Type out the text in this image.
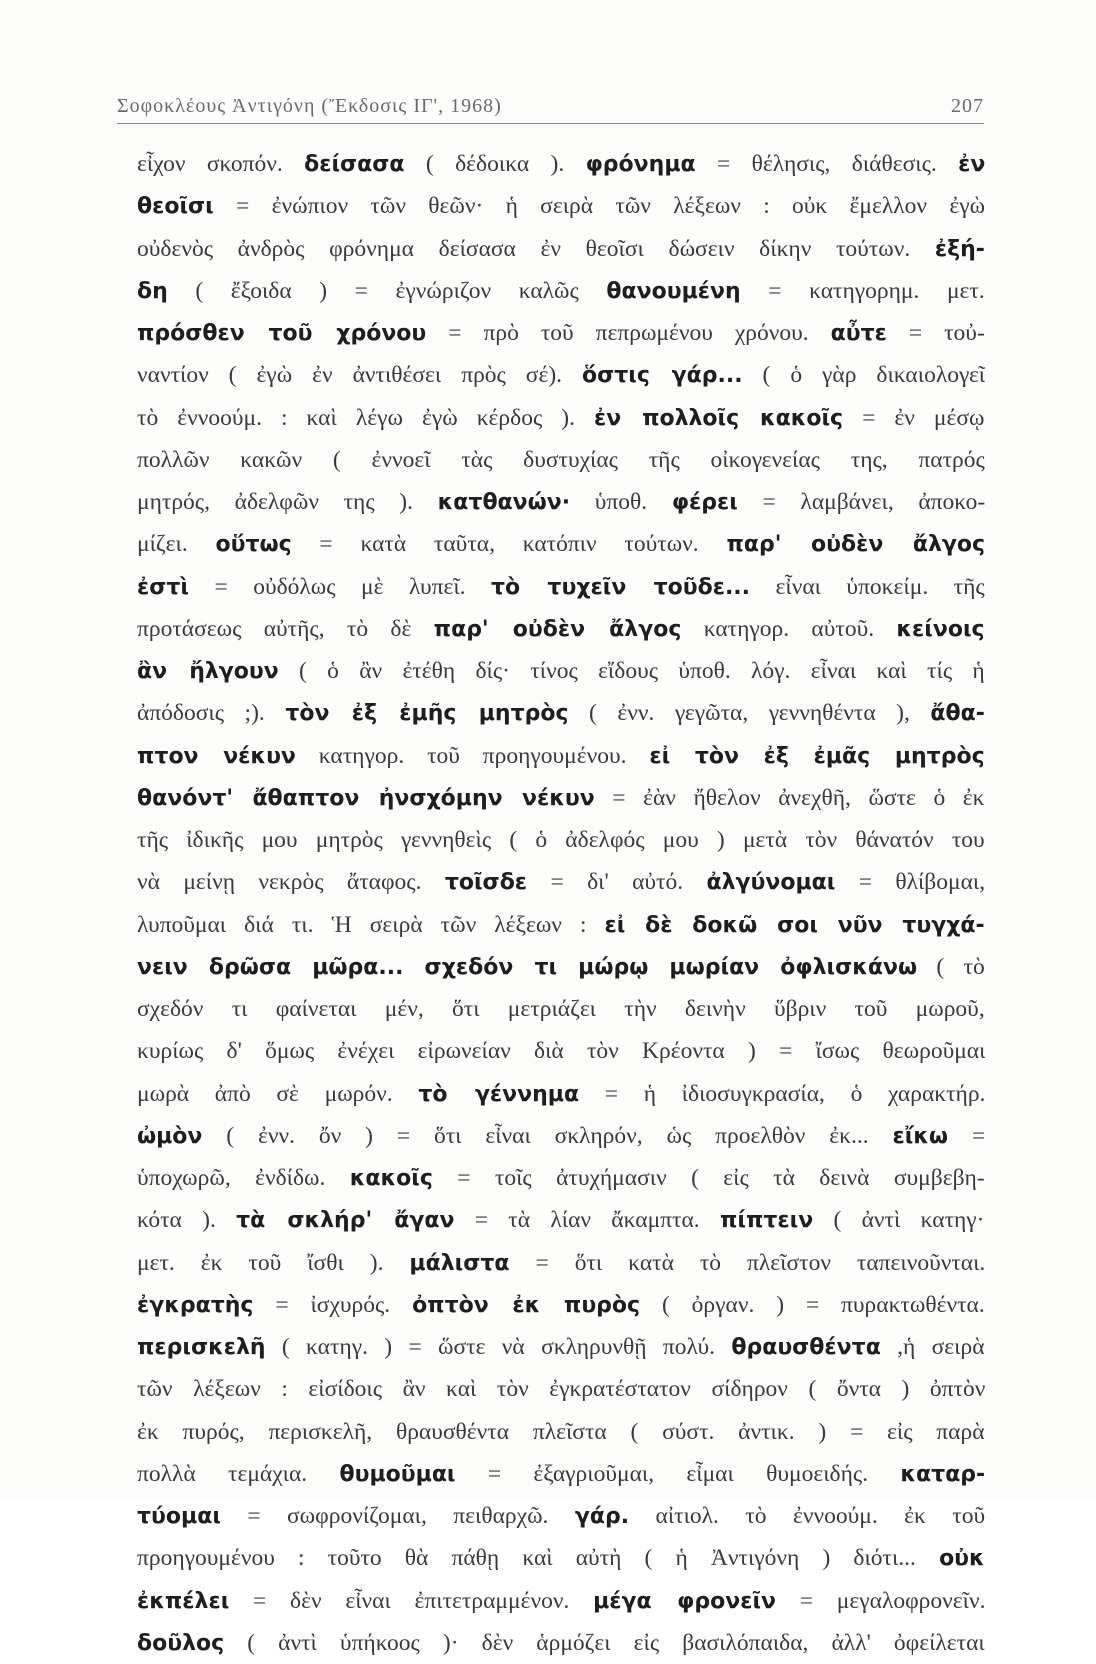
Σοφοκλέους Ἀντιγόνη (Ἔκδοσις ΙΓ', 1968)	207
εἶχον σκοπόν. δείσασα ( δέδοικα ). φρόνημα = θέλησις, διάθεσις. ἐν
θεοῖσι = ἐνώπιον τῶν θεῶν· ἡ σειρὰ τῶν λέξεων : οὐκ ἔμελλον ἐγὼ
οὐδενὸς ἀνδρὸς φρόνημα δείσασα ἐν θεοῖσι δώσειν δίκην τούτων. ἐξή-
δη ( ἔξοιδα ) = ἐγνώριζον καλῶς θανουμένη = κατηγορημ. μετ.
πρόσθεν τοῦ χρόνου = πρὸ τοῦ πεπρωμένου χρόνου. αὖτε = τοὐ-
ναντίον ( ἐγὼ ἐν ἀντιθέσει πρὸς σέ). ὅστις γάρ... ( ὁ γὰρ δικαιολογεῖ
τὸ ἐννοούμ. : καὶ λέγω ἐγὼ κέρδος ). ἐν πολλοῖς κακοῖς = ἐν μέσῳ
πολλῶν κακῶν ( ἐννοεῖ τὰς δυστυχίας τῆς οἰκογενείας της, πατρός
μητρός, ἀδελφῶν της ). κατθανών· ὑποθ. φέρει = λαμβάνει, ἀποκο-
μίζει. οὕτως = κατὰ ταῦτα, κατόπιν τούτων. παρ' οὐδὲν ἄλγος
ἐστὶ = οὐδόλως μὲ λυπεῖ. τὸ τυχεῖν τοῦδε... εἶναι ὑποκείμ. τῆς
προτάσεως αὐτῆς, τὸ δὲ παρ' οὐδὲν ἄλγος κατηγορ. αὐτοῦ. κείνοις
ἂν ἤλγουν ( ὁ ἂν ἐτέθη δίς· τίνος εἴδους ὑποθ. λόγ. εἶναι καὶ τίς ἡ
ἀπόδοσις ;). τὸν ἐξ ἐμῆς μητρὸς ( ἐνν. γεγῶτα, γεννηθέντα ), ἄθα-
πτον νέκυν κατηγορ. τοῦ προηγουμένου. εἰ τὸν ἐξ ἐμᾶς μητρὸς
θανόντ' ἄθαπτον ἠνσχόμην νέκυν = ἐὰν ἤθελον ἀνεχθῆ, ὥστε ὁ ἐκ
τῆς ἰδικῆς μου μητρὸς γεννηθεὶς ( ὁ ἀδελφός μου ) μετὰ τὸν θάνατόν του
νὰ μείνῃ νεκρὸς ἄταφος. τοῖσδε = δι' αὐτό. ἀλγύνομαι = θλίβομαι,
λυποῦμαι διά τι. Ἡ σειρὰ τῶν λέξεων : εἰ δὲ δοκῶ σοι νῦν τυγχά-
νειν δρῶσα μῶρα... σχεδόν τι μώρῳ μωρίαν ὀφλισκάνω ( τὸ
σχεδόν τι φαίνεται μέν, ὅτι μετριάζει τὴν δεινὴν ὕβριν τοῦ μωροῦ,
κυρίως δ' ὅμως ἐνέχει εἰρωνείαν διὰ τὸν Κρέοντα ) = ἴσως θεωροῦμαι
μωρὰ ἀπὸ σὲ μωρόν. τὸ γέννημα = ἡ ἰδιοσυγκρασία, ὁ χαρακτήρ.
ὠμὸν ( ἐνν. ὄν ) = ὅτι εἶναι σκληρόν, ὡς προελθὸν ἐκ... εἴκω =
ὑποχωρῶ, ἐνδίδω. κακοῖς = τοῖς ἀτυχήμασιν ( εἰς τὰ δεινὰ συμβεβη-
κότα ). τὰ σκλήρ' ἄγαν = τὰ λίαν ἄκαμπτα. πίπτειν ( ἀντὶ κατηγ·
μετ. ἐκ τοῦ ἴσθι ). μάλιστα = ὅτι κατὰ τὸ πλεῖστον ταπεινοῦνται.
ἐγκρατὴς = ἰσχυρός. ὀπτὸν ἐκ πυρὸς ( ὀργαν. ) = πυρακτωθέντα.
περισκελῆ ( κατηγ. ) = ὥστε νὰ σκληρυνθῇ πολύ. θραυσθέντα ,ἡ σειρὰ
τῶν λέξεων : εἰσίδοις ἂν καὶ τὸν ἐγκρατέστατον σίδηρον ( ὄντα ) ὀπτὸν
ἐκ πυρός, περισκελῆ, θραυσθέντα πλεῖστα ( σύστ. ἀντικ. ) = εἰς παρὰ
πολλὰ τεμάχια. θυμοῦμαι = ἐξαγριοῦμαι, εἶμαι θυμοειδής. καταρ-
τύομαι = σωφρονίζομαι, πειθαρχῶ. γάρ. αἰτιολ. τὸ ἐννοούμ. ἐκ τοῦ
προηγουμένου : τοῦτο θὰ πάθῃ καὶ αὐτὴ ( ἡ Ἀντιγόνη ) διότι... οὐκ
ἐκπέλει = δὲν εἶναι ἐπιτετραμμένον. μέγα φρονεῖν = μεγαλοφρονεῖν.
δοῦλος ( ἀντὶ ὑπήκοος )· δὲν ἁρμόζει εἰς βασιλόπαιδα, ἀλλ' ὀφείλεται
